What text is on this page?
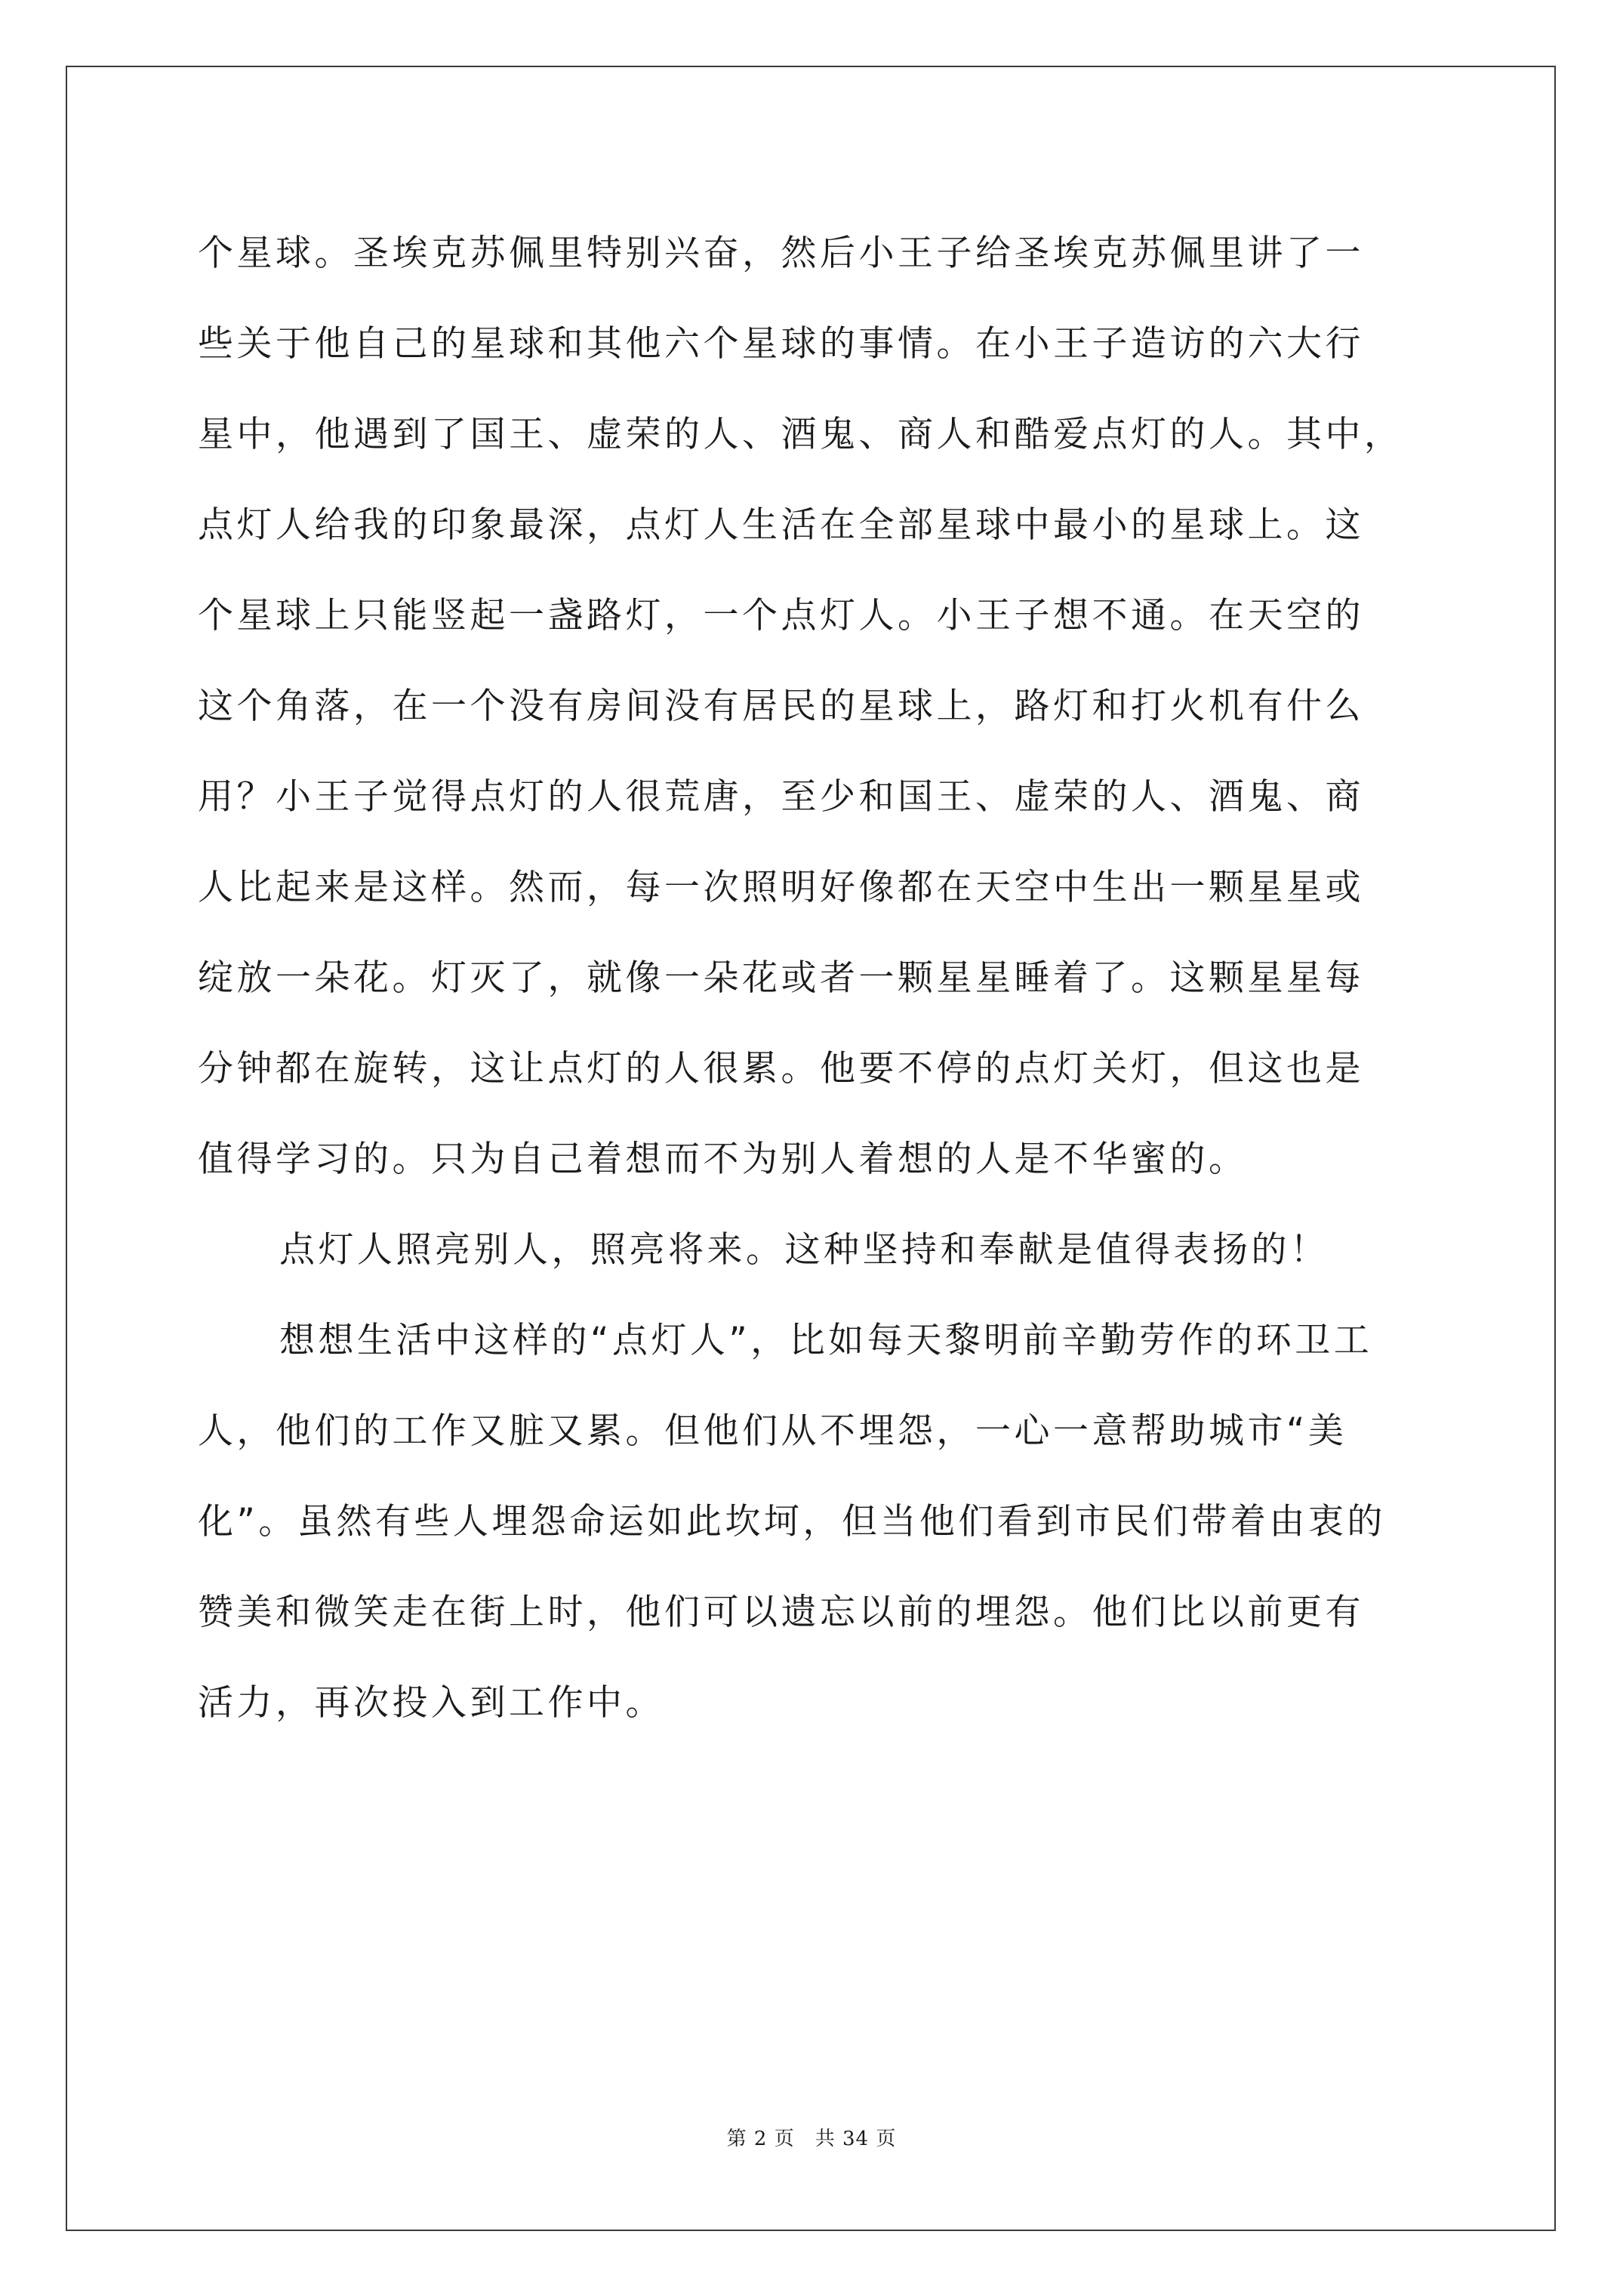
个星球。圣埃克苏佩里特别兴奋，然后小王子给圣埃克苏佩里讲了一
些关于他自己的星球和其他六个星球的事情。在小王子造访的六大行
星中，他遇到了国王、虚荣的人、酒鬼、商人和酷爱点灯的人。其中，
点灯人给我的印象最深，点灯人生活在全部星球中最小的星球上。这
个星球上只能竖起一盏路灯，一个点灯人。小王子想不通。在天空的
这个角落，在一个没有房间没有居民的星球上，路灯和打火机有什么
用？小王子觉得点灯的人很荒唐，至少和国王、虚荣的人、酒鬼、商
人比起来是这样。然而，每一次照明好像都在天空中生出一颗星星或
绽放一朵花。灯灭了，就像一朵花或者一颗星星睡着了。这颗星星每
分钟都在旋转，这让点灯的人很累。他要不停的点灯关灯，但这也是
值得学习的。只为自己着想而不为别人着想的人是不华蜜的。
点灯人照亮别人，照亮将来。这种坚持和奉献是值得表扬的！
想想生活中这样的“点灯人”，比如每天黎明前辛勤劳作的环卫工
人，他们的工作又脏又累。但他们从不埋怨，一心一意帮助城市“美
化”。虽然有些人埋怨命运如此坎坷，但当他们看到市民们带着由衷的
赞美和微笑走在街上时，他们可以遗忘以前的埋怨。他们比以前更有
活力，再次投入到工作中。
第 2 页　共 34 页
